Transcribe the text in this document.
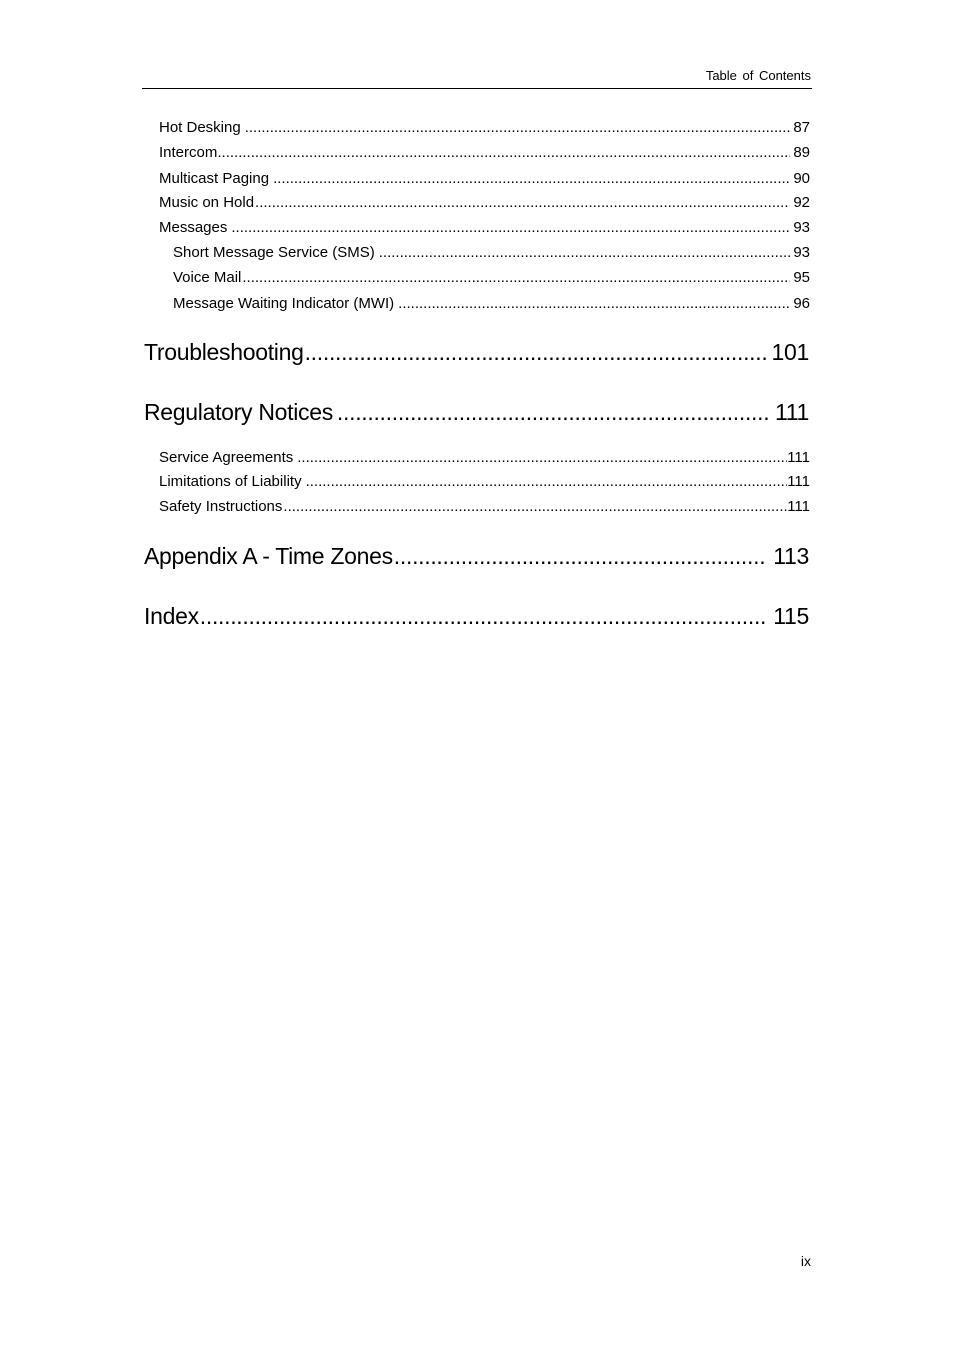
Table of Contents
Hot Desking .....	87
Intercom .....	89
Multicast Paging .....	90
Music on Hold .....	92
Messages .....	93
Short Message Service (SMS) .....	93
Voice Mail .....	95
Message Waiting Indicator (MWI) .....	96
Troubleshooting .....	101
Regulatory Notices .....	111
Service Agreements .....	111
Limitations of Liability .....	111
Safety Instructions .....	111
Appendix A - Time Zones .....	113
Index .....	115
ix
